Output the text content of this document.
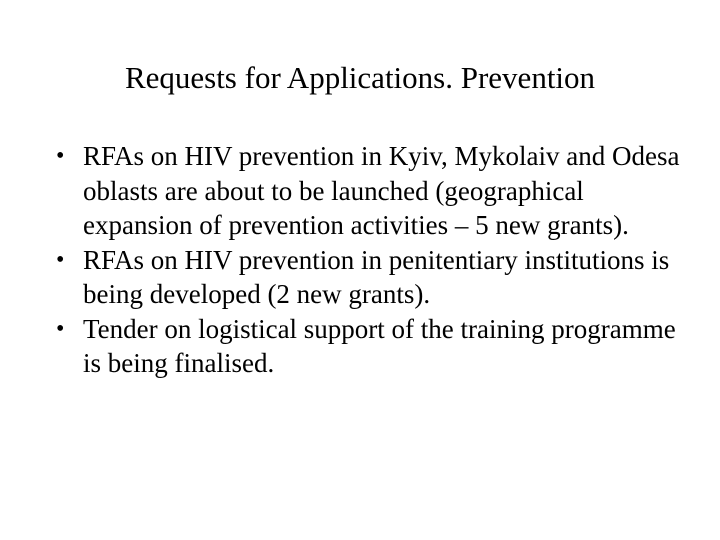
Requests for Applications. Prevention
• RFAs on HIV prevention in Kyiv, Mykolaiv and Odesa oblasts are about to be launched (geographical expansion of prevention activities – 5 new grants).
• RFAs on HIV prevention in penitentiary institutions is being developed (2 new grants).
• Tender on logistical support of the training programme is being finalised.
